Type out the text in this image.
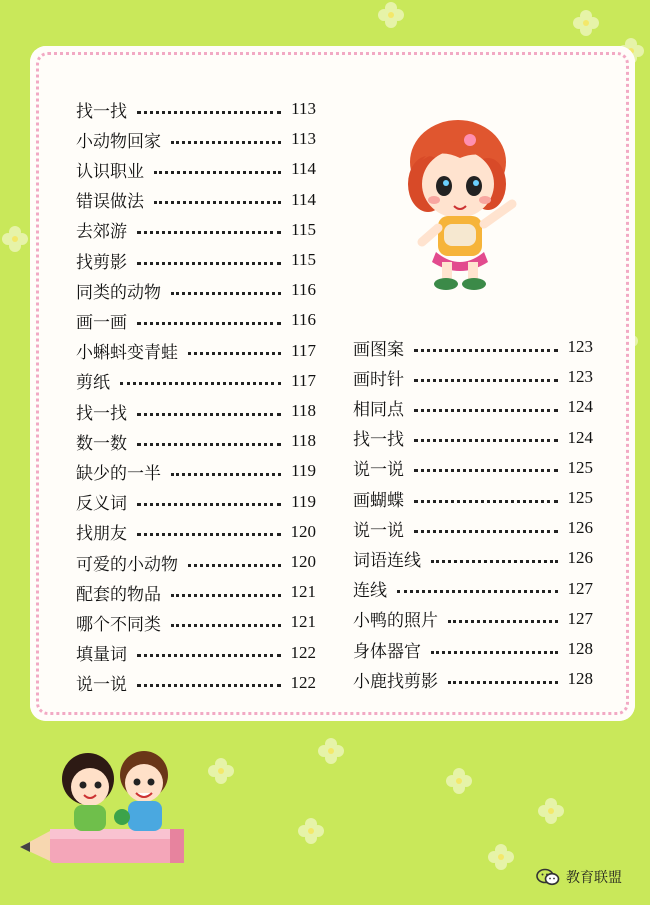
找一找	113
小动物回家	113
认识职业	114
错误做法	114
去郊游	115
找剪影	115
同类的动物	116
画一画	116
小蝌蚪变青蛙	117
剪纸	117
找一找	118
数一数	118
缺少的一半	119
反义词	119
找朋友	120
可爱的小动物	120
配套的物品	121
哪个不同类	121
填量词	122
说一说	122
画图案	123
画时针	123
相同点	124
找一找	124
说一说	125
画蝴蝶	125
说一说	126
词语连线	126
连线	127
小鸭的照片	127
身体器官	128
小鹿找剪影	128
教育联盟
